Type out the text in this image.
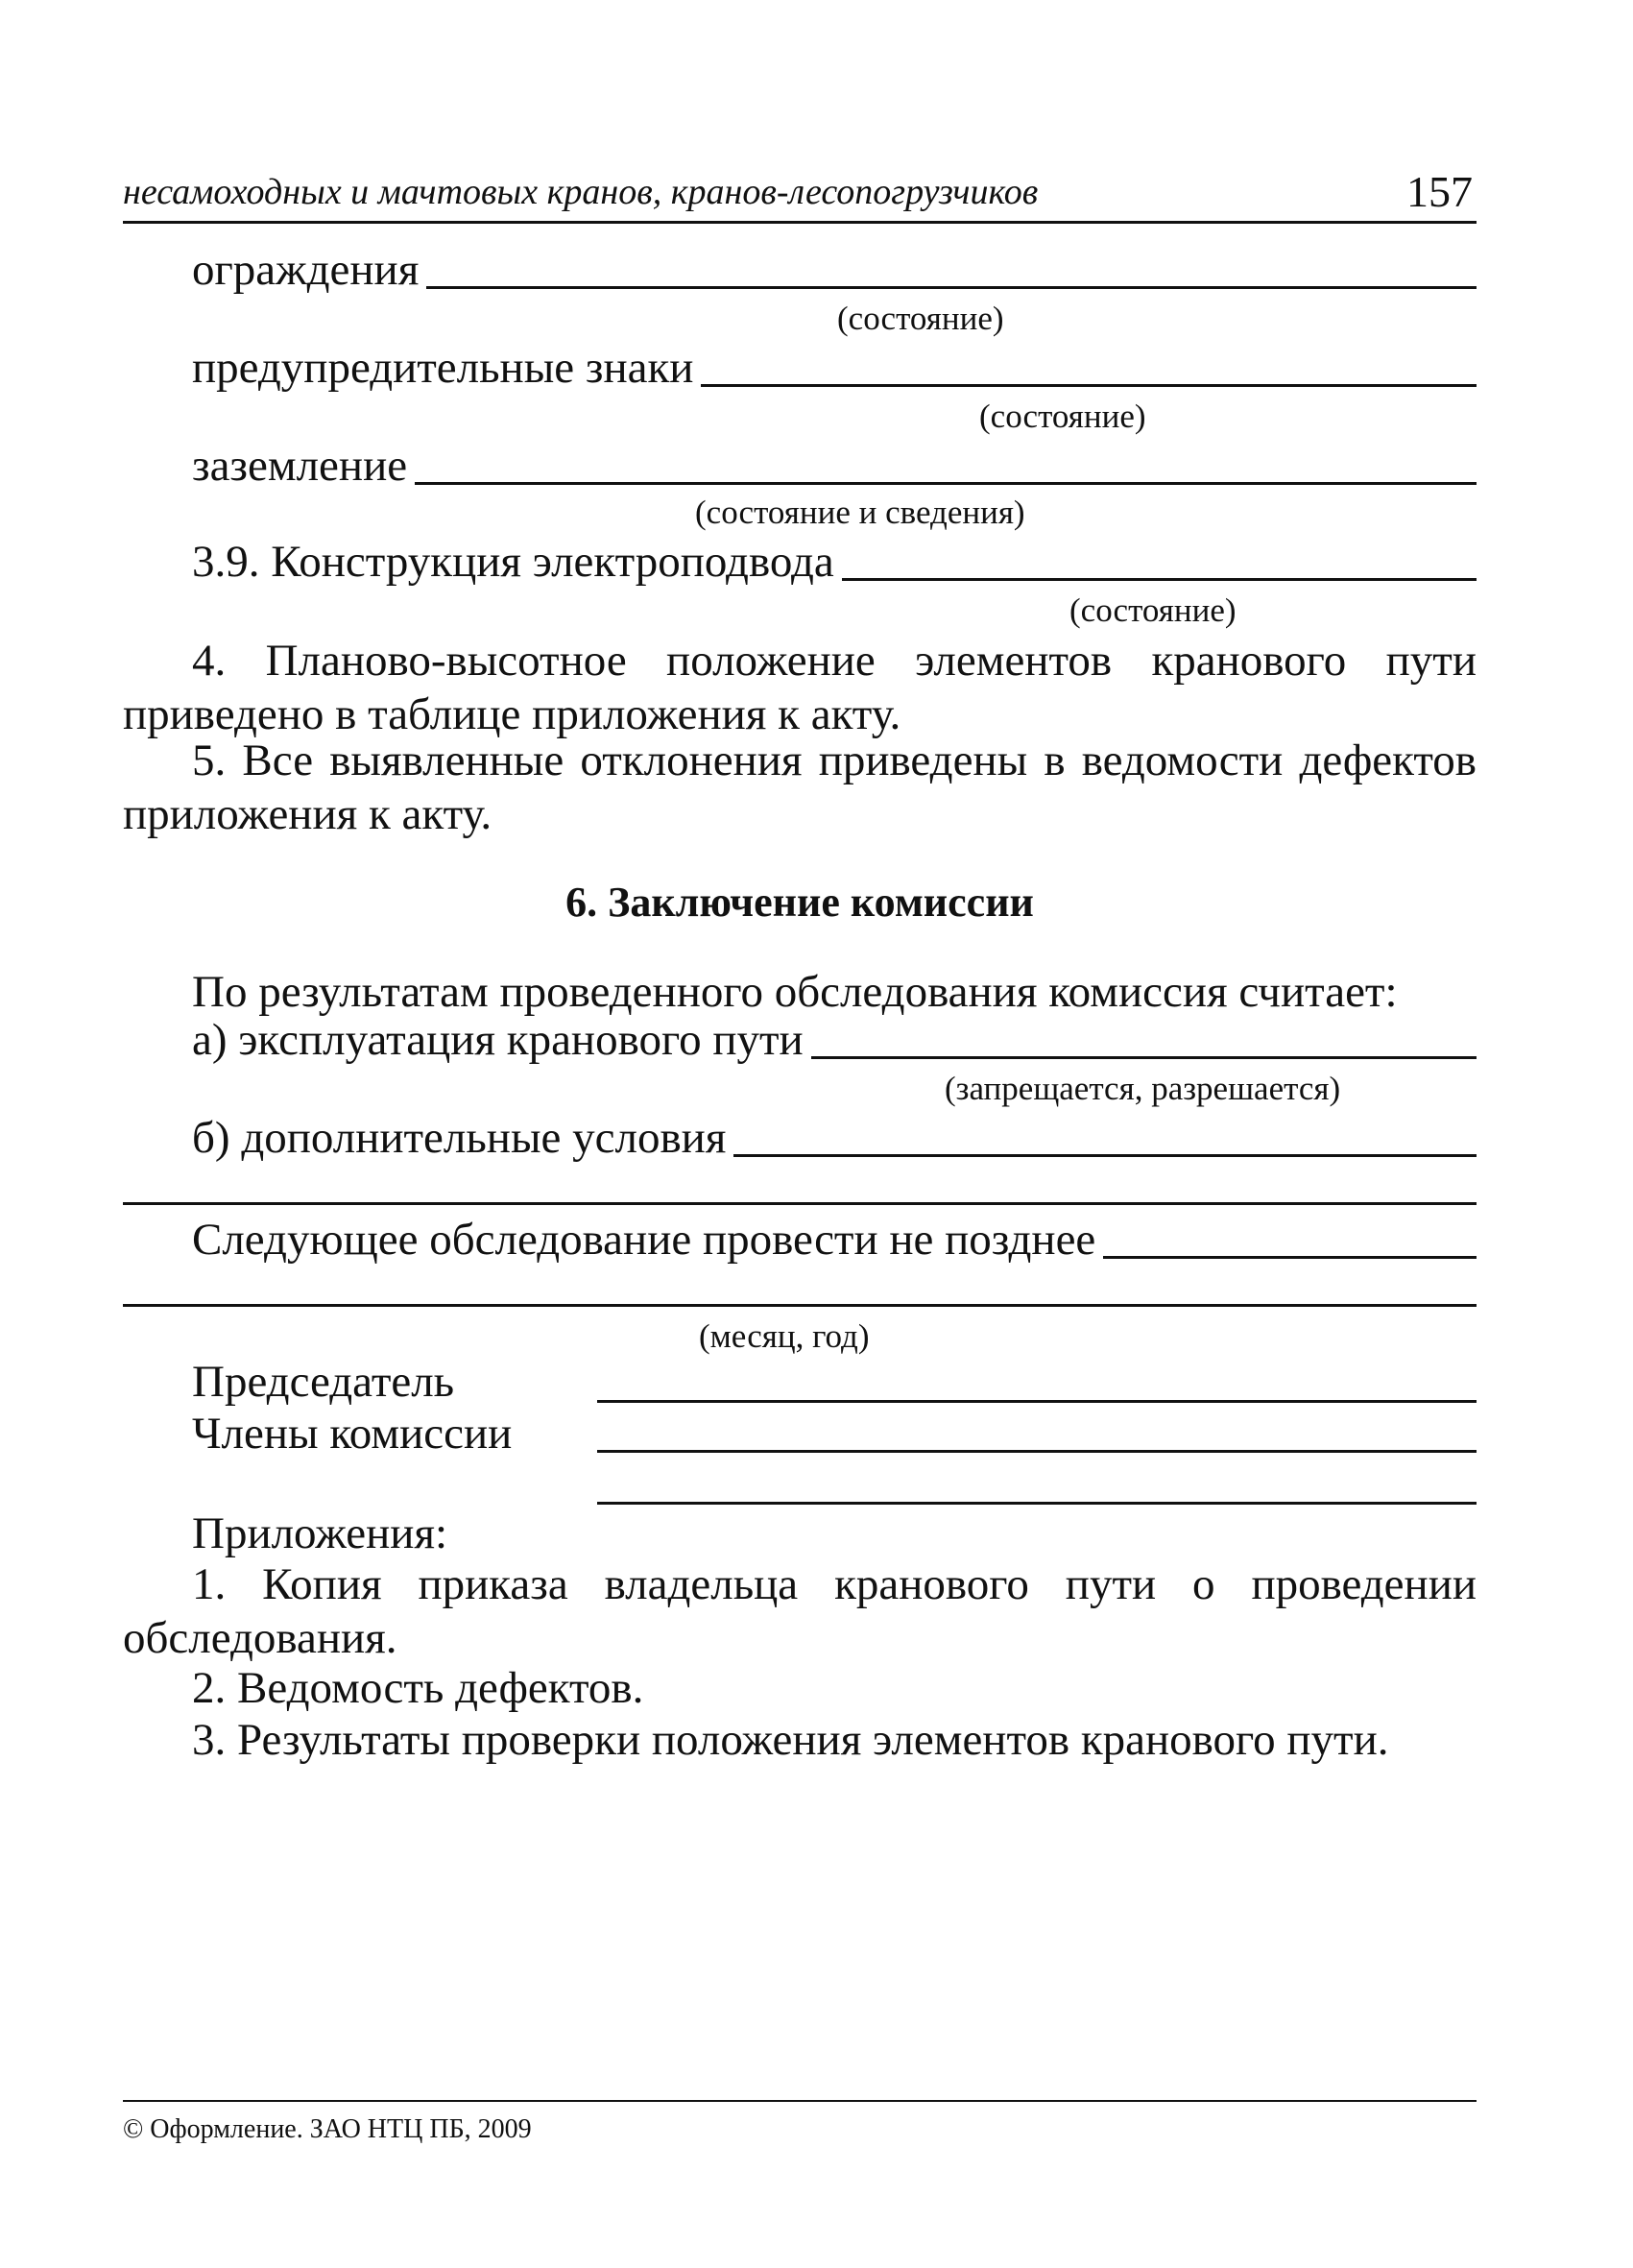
несамоходных и мачтовых кранов, кранов-лесопогрузчиков	157
ограждения
(состояние)
предупредительные знаки
(состояние)
заземление
(состояние и сведения)
3.9. Конструкция электроподвода
(состояние)

4. Планово-высотное положение элементов кранового пути приведено в таблице приложения к акту.

5. Все выявленные отклонения приведены в ведомости дефектов приложения к акту.

6. Заключение комиссии
По результатам проведенного обследования комиссия считает:
а) эксплуатация кранового пути
(запрещается, разрешается)
б) дополнительные условия
Следующее обследование провести не позднее
(месяц, год)
Председатель
Члены комиссии
Приложения:

1. Копия приказа владельца кранового пути о проведении обследования.

2. Ведомость дефектов.

3. Результаты проверки положения элементов кранового пути.

© Оформление. ЗАО НТЦ ПБ, 2009
